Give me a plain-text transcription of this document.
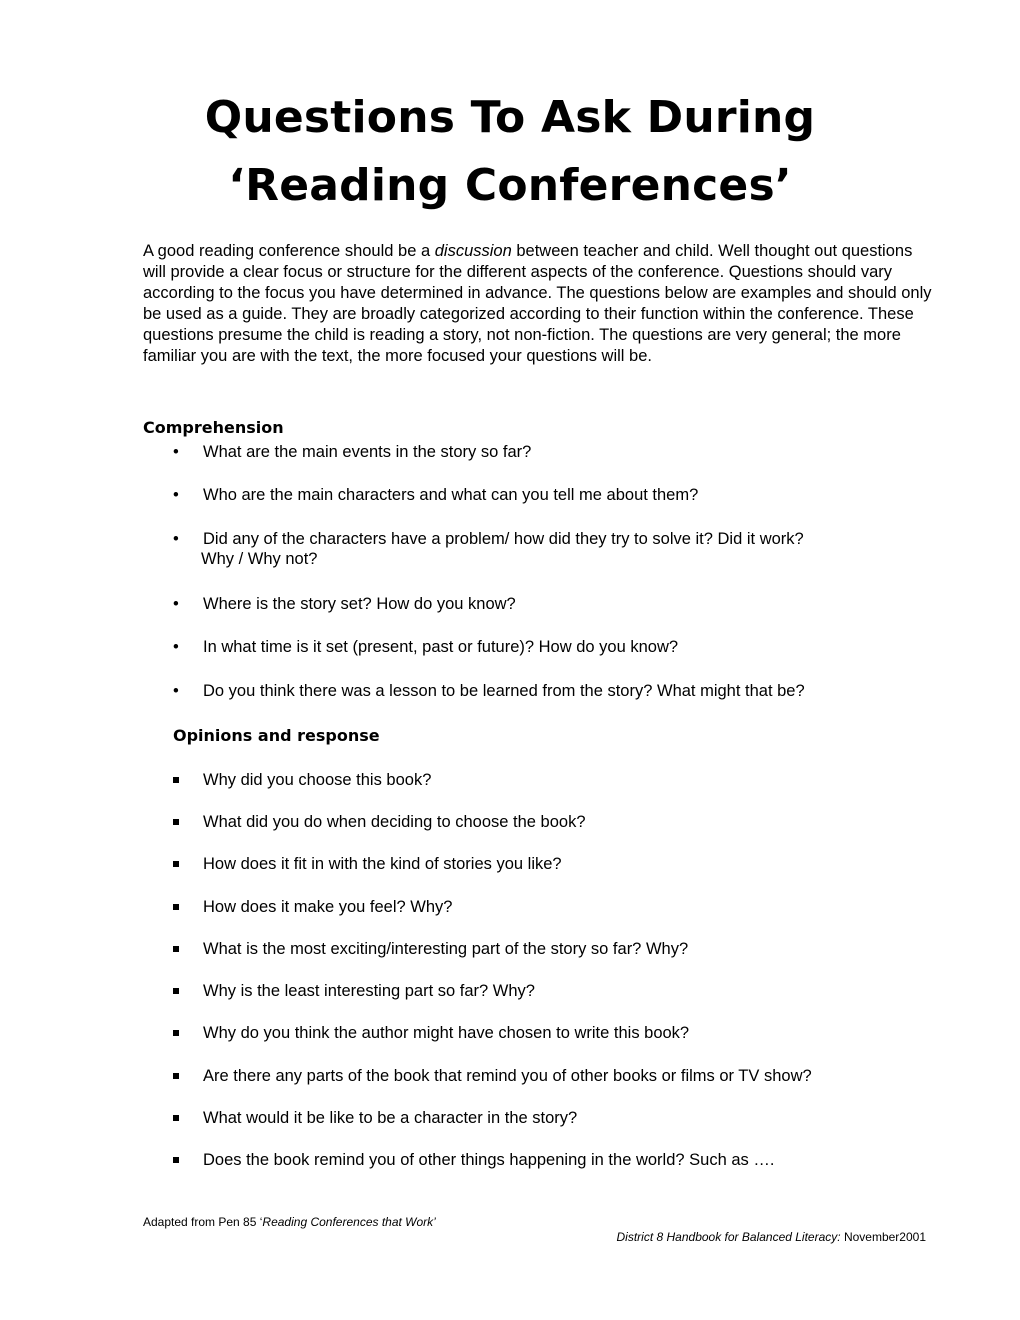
Questions To Ask During
‘Reading Conferences’

A good reading conference should be a discussion between teacher and child. Well thought out questions will provide a clear focus or structure for the different aspects of the conference. Questions should vary according to the focus you have determined in advance. The questions below are examples and should only be used as a guide. They are broadly categorized according to their function within the conference. These questions presume the child is reading a story, not non-fiction. The questions are very general; the more familiar you are with the text, the more focused your questions will be.

Comprehension
• What are the main events in the story so far?
• Who are the main characters and what can you tell me about them?
• Did any of the characters have a problem/ how did they try to solve it? Did it work?
Why / Why not?
• Where is the story set? How do you know?
• In what time is it set (present, past or future)? How do you know?
• Do you think there was a lesson to be learned from the story? What might that be?
Opinions and response
Why did you choose this book?
What did you do when deciding to choose the book?
How does it fit in with the kind of stories you like?
How does it make you feel? Why?
What is the most exciting/interesting part of the story so far? Why?
Why is the least interesting part so far? Why?
Why do you think the author might have chosen to write this book?
Are there any parts of the book that remind you of other books or films or TV show?
What would it be like to be a character in the story?
Does the book remind you of other things happening in the world? Such as ….
Adapted from Pen 85 ‘Reading Conferences that Work’
District 8 Handbook for Balanced Literacy: November2001
